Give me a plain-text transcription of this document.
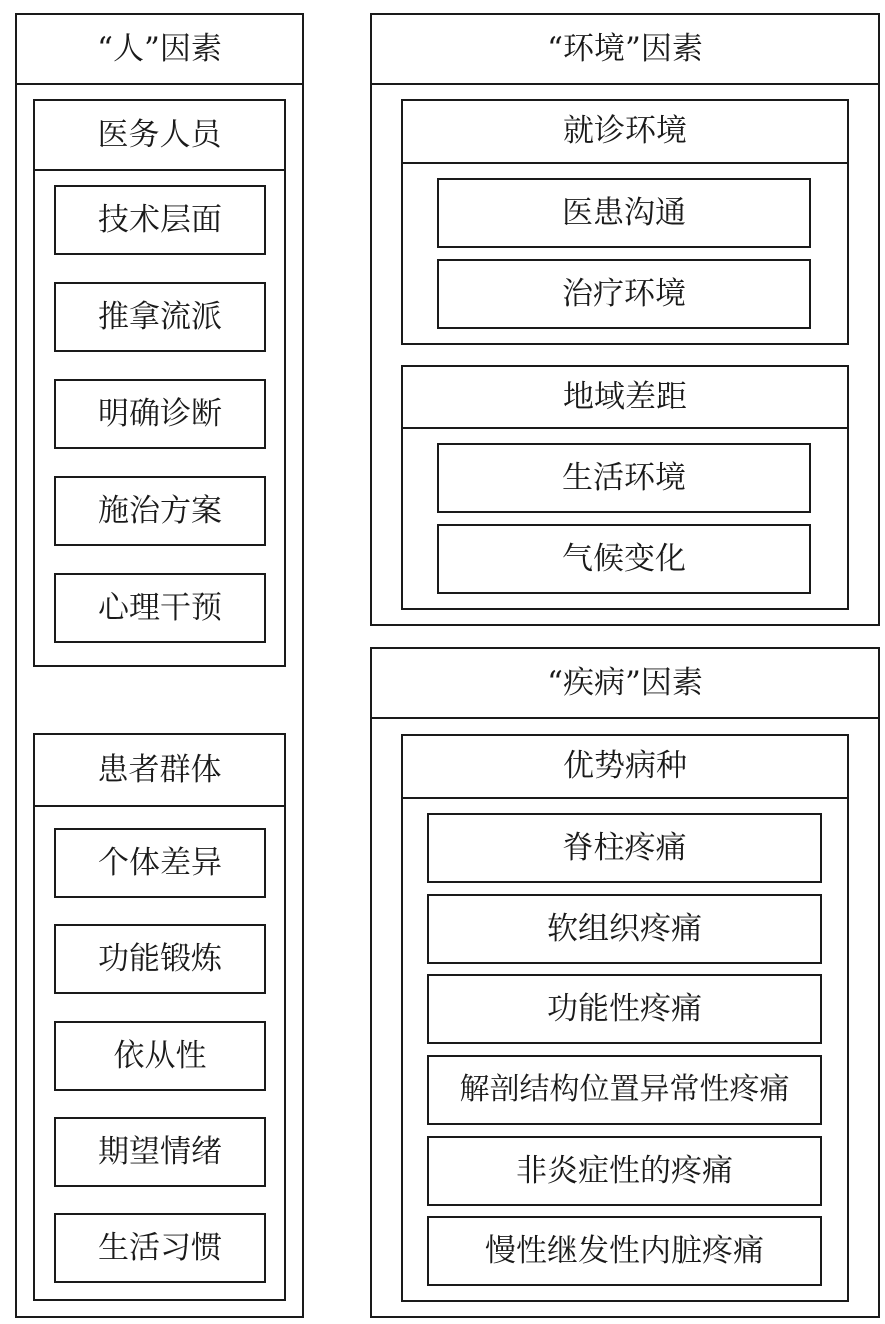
“人”因素
医务人员
技术层面
推拿流派
明确诊断
施治方案
心理干预
患者群体
个体差异
功能锻炼
依从性
期望情绪
生活习惯
“环境”因素
就诊环境
医患沟通
治疗环境
地域差距
生活环境
气候变化
“疾病”因素
优势病种
脊柱疼痛
软组织疼痛
功能性疼痛
解剖结构位置异常性疼痛
非炎症性的疼痛
慢性继发性内脏疼痛
